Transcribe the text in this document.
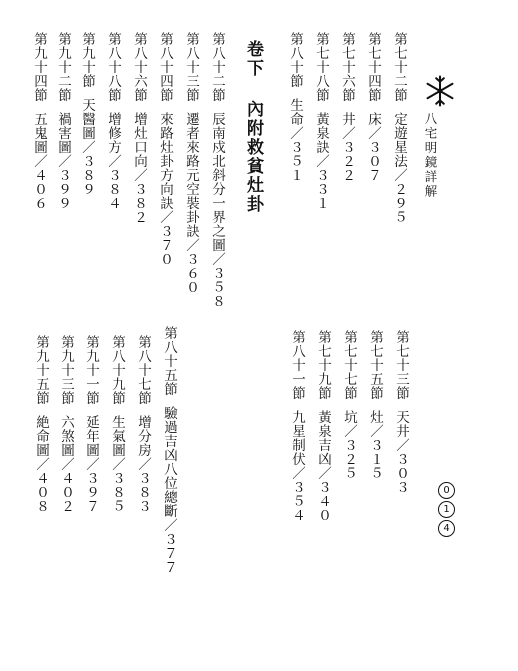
八宅明鏡詳解
卷下內附救貧灶卦
第七十二節定遊星法／２９５
第七十四節床／３０７
第七十六節井／３２２
第七十八節黃泉訣／３３１
第八十節生命／３５１
第八十二節辰南戍北斜分一界之圖／３５８
第八十三節遷者來路元空裝卦訣／３６０
第八十四節來路灶卦方向訣／３７０
第八十六節增灶口向／３８２
第八十八節增修方／３８４
第九十節天醫圖／３８９
第九十二節禍害圖／３９９
第九十四節五鬼圖／４０６
第七十三節天井／３０３
第七十五節灶／３１５
第七十七節坑／３２５
第七十九節黃泉吉凶／３４０
第八十一節九星制伏／３５４
第八十五節驗過吉凶八位總斷／３７７
第八十七節增分房／３８３
第八十九節生氣圖／３８５
第九十一節延年圖／３９７
第九十三節六煞圖／４０２
第九十五節絶命圖／４０８	0
1
4
